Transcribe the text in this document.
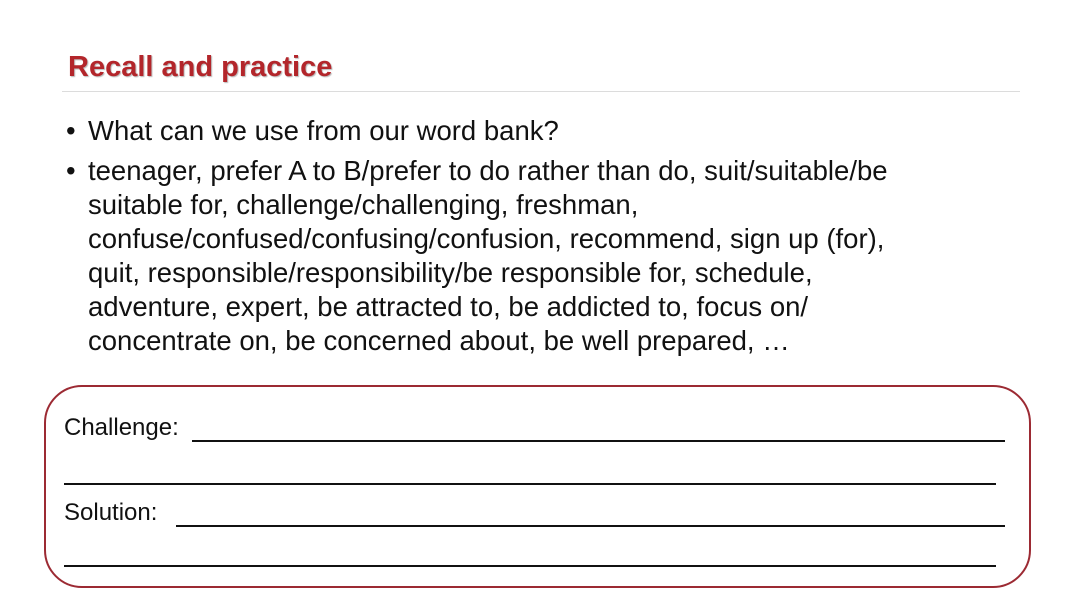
Recall and practice
• What can we use from our word bank?
• teenager, prefer A to B/prefer to do rather than do, suit/suitable/be
suitable for, challenge/challenging, freshman,
confuse/confused/confusing/confusion, recommend, sign up (for),
quit, responsible/responsibility/be responsible for, schedule,
adventure, expert, be attracted to, be addicted to, focus on/
concentrate on, be concerned about, be well prepared, …
Challenge:
Solution:
